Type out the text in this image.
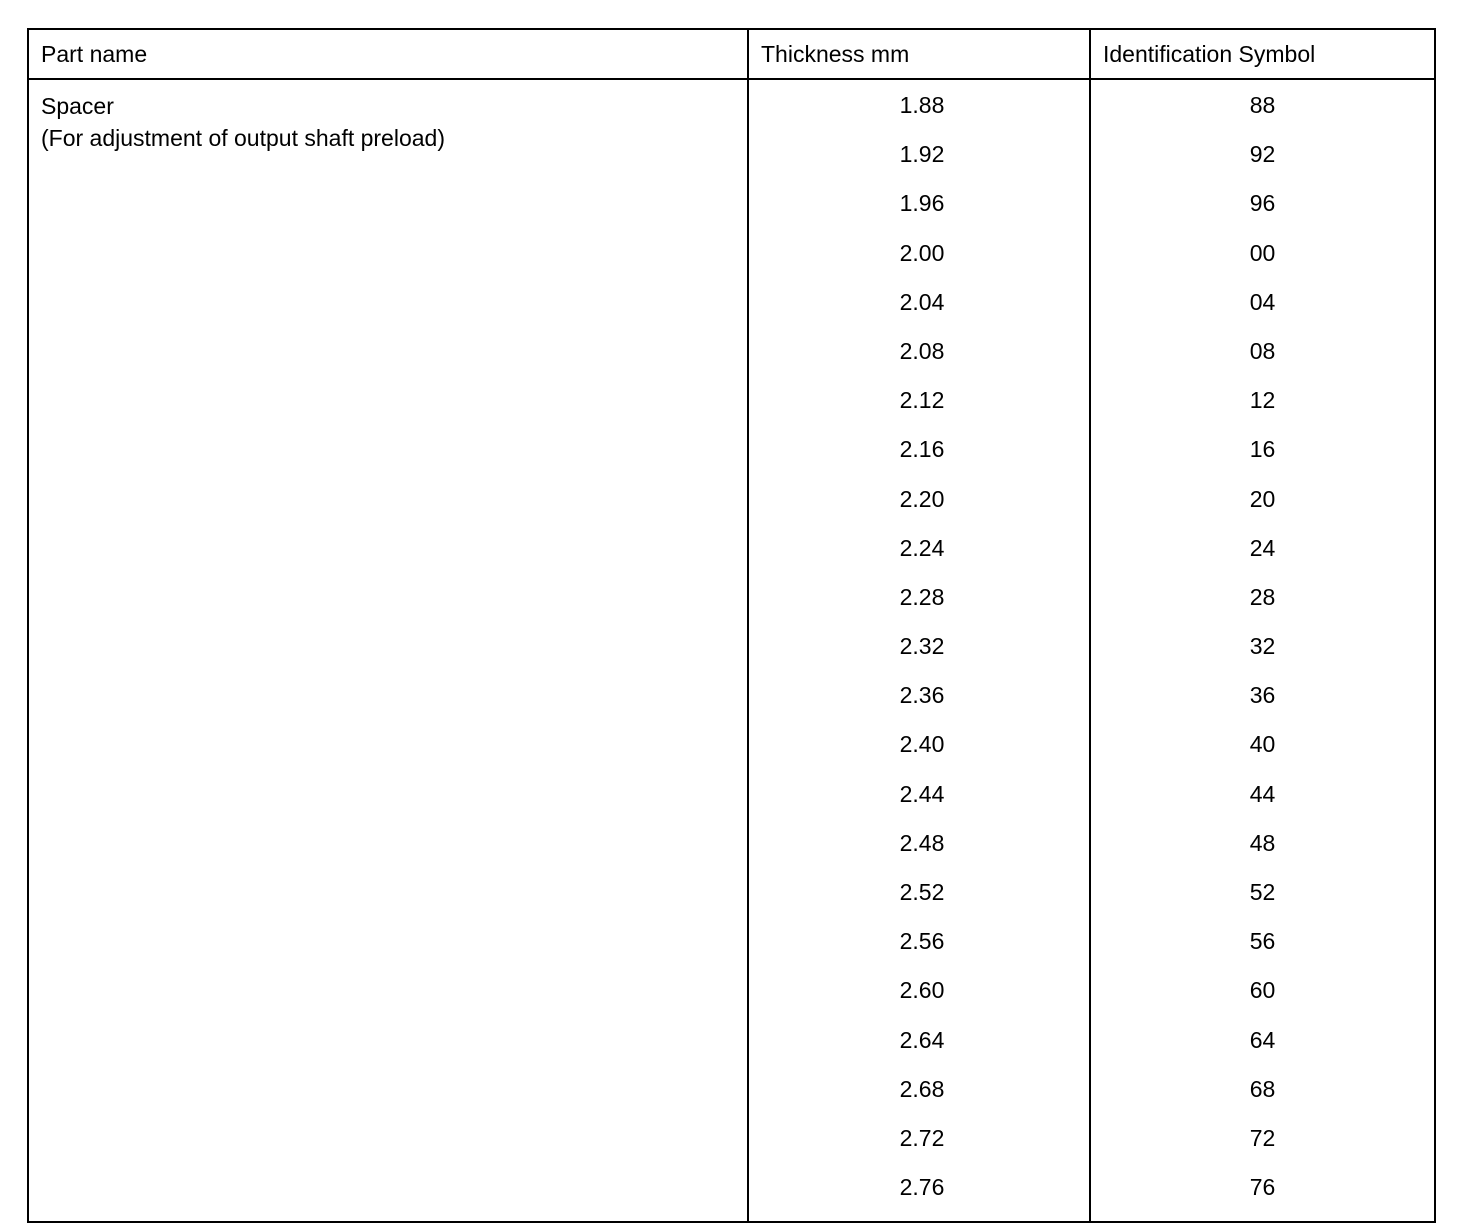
Part name	Thickness mm	Identification Symbol
Spacer
(For adjustment of output shaft preload)
1.88
1.92
1.96
2.00
2.04
2.08
2.12
2.16
2.20
2.24
2.28
2.32
2.36
2.40
2.44
2.48
2.52
2.56
2.60
2.64
2.68
2.72
2.76
88
92
96
00
04
08
12
16
20
24
28
32
36
40
44
48
52
56
60
64
68
72
76
